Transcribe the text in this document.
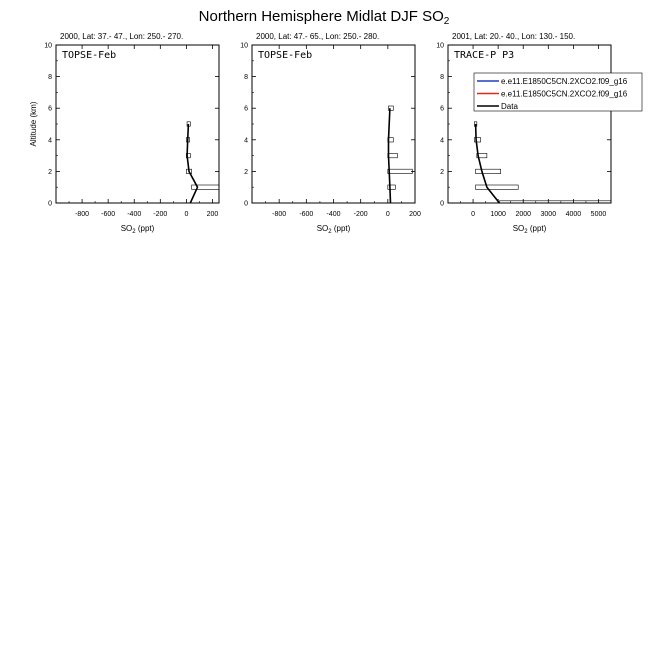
Northern Hemisphere Midlat DJF $SO_2$
2000, Lat: 37.- 47., Lon: 250.- 270.
-800 -600 -400 -200 0	200
0
2
4
6
8
10
TOPSE-Feb
$SO_2$ (ppt)
Altitude (km)
2000, Lat: 47.- 65., Lon: 250.- 280.
-800 -600 -400 -200	0	200
0
2
4
6
8
10
TOPSE-Feb
$SO_2$ (ppt)
2001, Lat: 20.- 40., Lon: 130.- 150.
0 1000 2000 3000 4000 5000
0
2
4
6
8
10
TRACE-P P3
$SO_2$ (ppt)
e.e11.E1850C5CN.2XCO2.f09_g16
e.e11.E1850C5CN.2XCO2.f09_g16
Data
